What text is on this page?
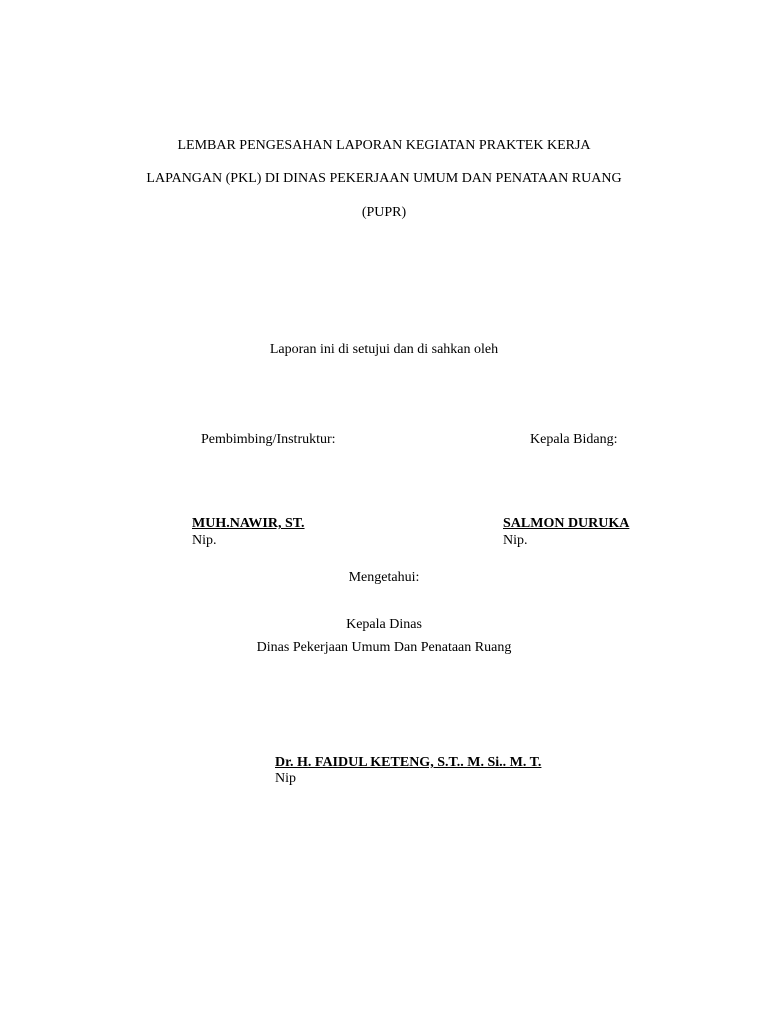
LEMBAR PENGESAHAN LAPORAN KEGIATAN PRAKTEK KERJA
LAPANGAN (PKL) DI DINAS PEKERJAAN UMUM DAN PENATAAN RUANG
(PUPR)
Laporan ini di setujui dan di sahkan oleh
Pembimbing/Instruktur:	Kepala Bidang:
MUH.NAWIR, ST.
Nip.
SALMON DURUKA
Nip.
Mengetahui:
Kepala Dinas
Dinas Pekerjaan Umum Dan Penataan Ruang
Dr. H. FAIDUL KETENG, S.T.. M. Si.. M. T.
Nip
